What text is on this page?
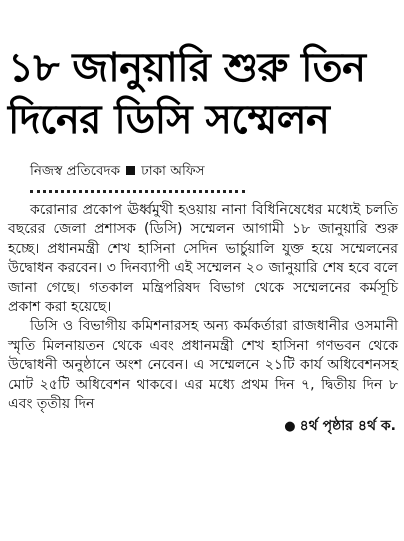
১৮ জানুয়ারি শুরু তিন
দিনের ডিসি সম্মেলন
নিজস্ব প্রতিবেদক ঢাকা অফিস

করোনার প্রকোপ ঊর্ধ্বমুখী হওয়ায় নানা বিধিনিষেধের মধ্যেই চলতি বছরের জেলা প্রশাসক (ডিসি) সম্মেলন আগামী ১৮ জানুয়ারি শুরু হচ্ছে। প্রধানমন্ত্রী শেখ হাসিনা সেদিন ভার্চুয়ালি যুক্ত হয়ে সম্মেলনের উদ্বোধন করবেন। ৩ দিনব্যাপী এই সম্মেলন ২০ জানুয়ারি শেষ হবে বলে জানা গেছে। গতকাল মন্ত্রিপরিষদ বিভাগ থেকে সম্মেলনের কর্মসূচি প্রকাশ করা হয়েছে।

ডিসি ও বিভাগীয় কমিশনারসহ অন্য কর্মকর্তারা রাজধানীর ওসমানী স্মৃতি মিলনায়তন থেকে এবং প্রধানমন্ত্রী শেখ হাসিনা গণভবন থেকে উদ্বোধনী অনুষ্ঠানে অংশ নেবেন। এ সম্মেলনে ২১টি কার্য অধিবেশনসহ মোট ২৫টি অধিবেশন থাকবে। এর মধ্যে প্রথম দিন ৭, দ্বিতীয় দিন ৮ এবং তৃতীয় দিন

● ৪র্থ পৃষ্ঠার ৪র্থ ক.
